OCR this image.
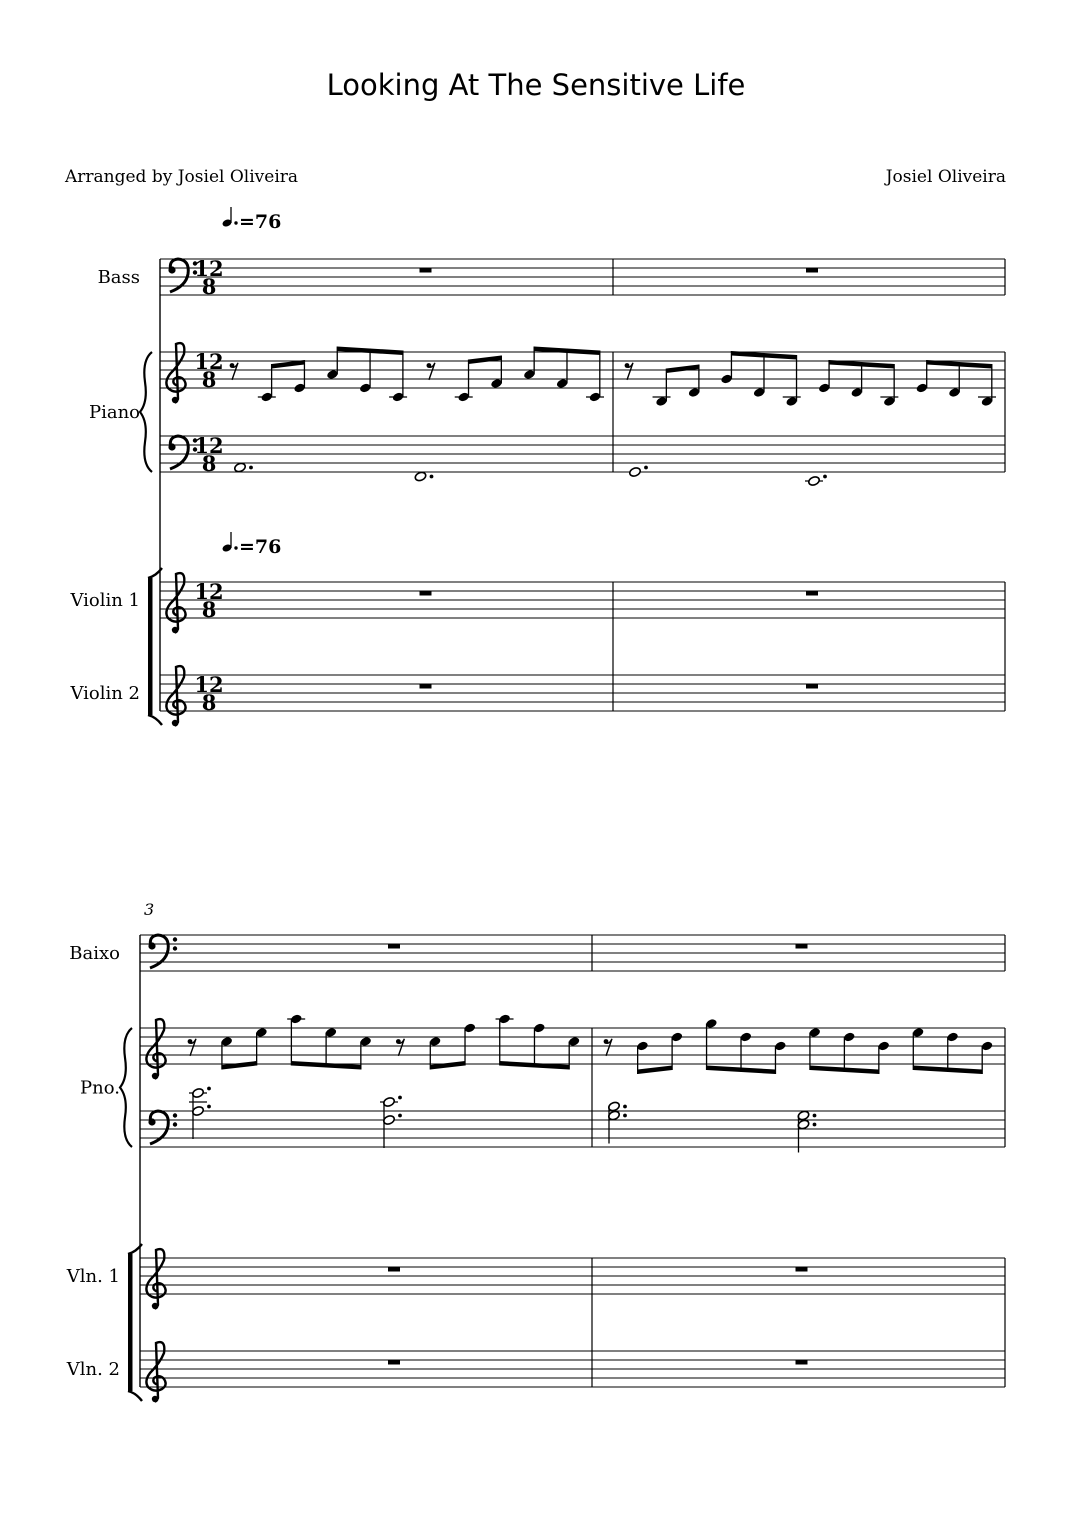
Looking At The Sensitive Life
Arranged by Josiel Oliveira	Josiel Oliveira
12
8
12
8
12
8
12
8
12
8
Bass
Piano
Violin 1
Violin 2
=76
=76
Baixo
Pno.
Vln. 1
Vln. 2
3
